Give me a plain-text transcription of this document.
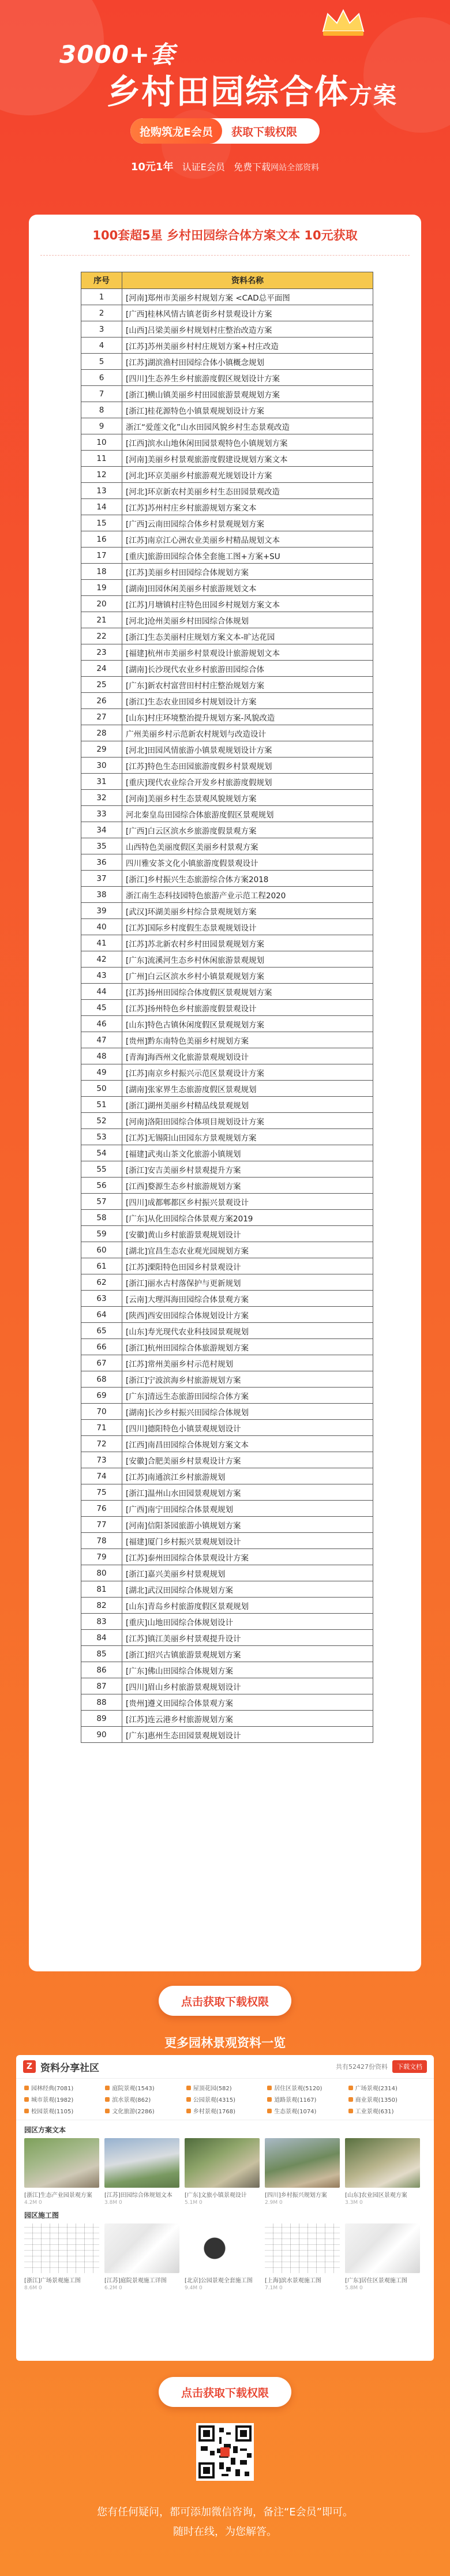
3000+套
乡村田园综合体方案
抢购筑龙E会员	获取下载权限
10元1年 认证E会员 免费下载网站全部资料
100套超5星 乡村田园综合体方案文本 10元获取
序号	资料名称
1	[河南]郑州市美丽乡村规划方案 <CAD总平面图
2	[广西]桂林风情古镇老街乡村景观设计方案
3	[山西]吕梁美丽乡村规划村庄整治改造方案
4	[江苏]苏州美丽乡村村庄规划方案+村庄改造
5	[江苏]湖滨渔村田园综合体小镇概念规划
6	[四川]生态养生乡村旅游度假区规划设计方案
7	[浙江]横山镇美丽乡村田园旅游景观规划方案
8	[浙江]桂花源特色小镇景观规划设计方案
9	浙江“爱莲文化”山水田园风貌乡村生态景观改造
10	[江西]滨水山地休闲田园景观特色小镇规划方案
11	[河南]美丽乡村景观旅游度假建设规划方案文本
12	[河北]环京美丽乡村旅游观光规划设计方案
13	[河北]环京新农村美丽乡村生态田园景观改造
14	[江苏]苏州村庄乡村旅游规划方案文本
15	[广西]云南田园综合体乡村景观规划方案
16	[江苏]南京江心洲农业美丽乡村精品规划文本
17	[重庆]旅游田园综合体全套施工图+方案+SU
18	[江苏]美丽乡村田园综合体规划方案
19	[湖南]田园休闲美丽乡村旅游规划文本
20	[江苏]月塘镇村庄特色田园乡村规划方案文本
21	[河北]沧州美丽乡村田园综合体规划
22	[浙江]生态美丽村庄规划方案文本-旷达花园
23	[福建]杭州市美丽乡村景观设计旅游规划文本
24	[湖南]长沙现代农业乡村旅游田园综合体
25	[广东]新农村富营田村村庄整治规划方案
26	[浙江]生态农业田园乡村规划设计方案
27	[山东]村庄环境整治提升规划方案-风貌改造
28	广州美丽乡村示范新农村规划与改造设计
29	[河北]田园风情旅游小镇景观规划设计方案
30	[江苏]特色生态田园旅游度假乡村景观规划
31	[重庆]现代农业综合开发乡村旅游度假规划
32	[河南]美丽乡村生态景观风貌规划方案
33	河北秦皇岛田园综合体旅游度假区景观规划
34	[广西]白云区滨水乡旅游度假景观方案
35	山西特色美丽度假区美丽乡村景观方案
36	四川雅安茶文化小镇旅游度假景观设计
37	[浙江]乡村振兴生态旅游综合体方案2018
38	浙江南生态科技园特色旅游产业示范工程2020
39	[武汉]环湖美丽乡村综合景观规划方案
40	[江苏]国际乡村度假生态景观规划设计
41	[江苏]苏北新农村乡村田园景观规划方案
42	[广东]流溪河生态乡村休闲旅游景观规划
43	[广州]白云区滨水乡村小镇景观规划方案
44	[江苏]扬州田园综合体度假区景观规划方案
45	[江苏]扬州特色乡村旅游度假景观设计
46	[山东]特色古镇休闲度假区景观规划方案
47	[贵州]黔东南特色美丽乡村规划方案
48	[青海]海西州文化旅游景观规划设计
49	[江苏]南京乡村振兴示范区景观设计方案
50	[湖南]张家界生态旅游度假区景观规划
51	[浙江]湖州美丽乡村精品线景观规划
52	[河南]洛阳田园综合体项目规划设计方案
53	[江苏]无锡阳山田园东方景观规划方案
54	[福建]武夷山茶文化旅游小镇规划
55	[浙江]安吉美丽乡村景观提升方案
56	[江西]婺源生态乡村旅游规划方案
57	[四川]成都郫都区乡村振兴景观设计
58	[广东]从化田园综合体景观方案2019
59	[安徽]黄山乡村旅游景观规划设计
60	[湖北]宜昌生态农业观光园规划方案
61	[江苏]溧阳特色田园乡村景观设计
62	[浙江]丽水古村落保护与更新规划
63	[云南]大理洱海田园综合体景观方案
64	[陕西]西安田园综合体规划设计方案
65	[山东]寿光现代农业科技园景观规划
66	[浙江]杭州田园综合体旅游规划方案
67	[江苏]常州美丽乡村示范村规划
68	[浙江]宁波滨海乡村旅游规划方案
69	[广东]清远生态旅游田园综合体方案
70	[湖南]长沙乡村振兴田园综合体规划
71	[四川]德阳特色小镇景观规划设计
72	[江西]南昌田园综合体规划方案文本
73	[安徽]合肥美丽乡村景观设计方案
74	[江苏]南通滨江乡村旅游规划
75	[浙江]温州山水田园景观规划方案
76	[广西]南宁田园综合体景观规划
77	[河南]信阳茶园旅游小镇规划方案
78	[福建]厦门乡村振兴景观规划设计
79	[江苏]泰州田园综合体景观设计方案
80	[浙江]嘉兴美丽乡村景观规划
81	[湖北]武汉田园综合体规划方案
82	[山东]青岛乡村旅游度假区景观规划
83	[重庆]山地田园综合体规划设计
84	[江苏]镇江美丽乡村景观提升设计
85	[浙江]绍兴古镇旅游景观规划方案
86	[广东]佛山田园综合体规划方案
87	[四川]眉山乡村旅游景观规划设计
88	[贵州]遵义田园综合体景观方案
89	[江苏]连云港乡村旅游规划方案
90	[广东]惠州生态田园景观规划设计
点击获取下载权限
更多园林景观资料一览
Z 资料分享社区	共有52427份资料	下载文档
园林经典(7081)	庭院景观(1543)	屋顶花园(582)	居住区景观(5120)	广场景观(2314)
城市景观(1982)	滨水景观(862)	公园景观(4315)	道路景观(1167)	商业景观(1350)
校园景观(1105)	文化旅游(2286)	乡村景观(1768)	生态景观(1074)	工业景观(631)
园区方案文本
[浙江]生态产业园景观方案
4.2M 0
[江苏]田园综合体规划文本
3.8M 0
[广东]文旅小镇景观设计
5.1M 0
[四川]乡村振兴规划方案
2.9M 0
[山东]农业园区景观方案
3.3M 0
园区施工图
[浙江]广场景观施工图
8.6M 0
[江苏]庭院景观施工详图
6.2M 0
[北京]公园景观全套施工图
9.4M 0
[上海]滨水景观施工图
7.1M 0
[广东]居住区景观施工图
5.8M 0
点击获取下载权限
您有任何疑问，都可添加微信咨询，备注“E会员”即可。
随时在线，为您解答。
